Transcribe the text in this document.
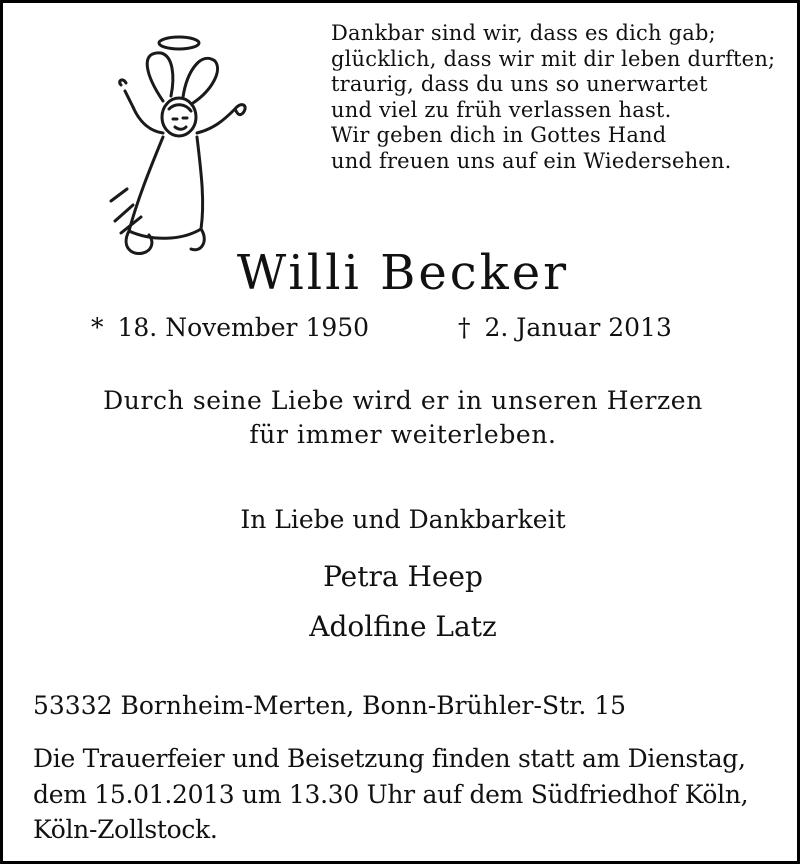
Dankbar sind wir, dass es dich gab;
glücklich, dass wir mit dir leben durften;
traurig, dass du uns so unerwartet
und viel zu früh verlassen hast.
Wir geben dich in Gottes Hand
und freuen uns auf ein Wiedersehen.
Willi Becker
* 18. November 1950	† 2. Januar 2013
Durch seine Liebe wird er in unseren Herzen
für immer weiterleben.
In Liebe und Dankbarkeit
Petra Heep
Adolfine Latz
53332 Bornheim-Merten, Bonn-Brühler-Str. 15
Die Trauerfeier und Beisetzung finden statt am Dienstag,
dem 15.01.2013 um 13.30 Uhr auf dem Südfriedhof Köln,
Köln-Zollstock.
